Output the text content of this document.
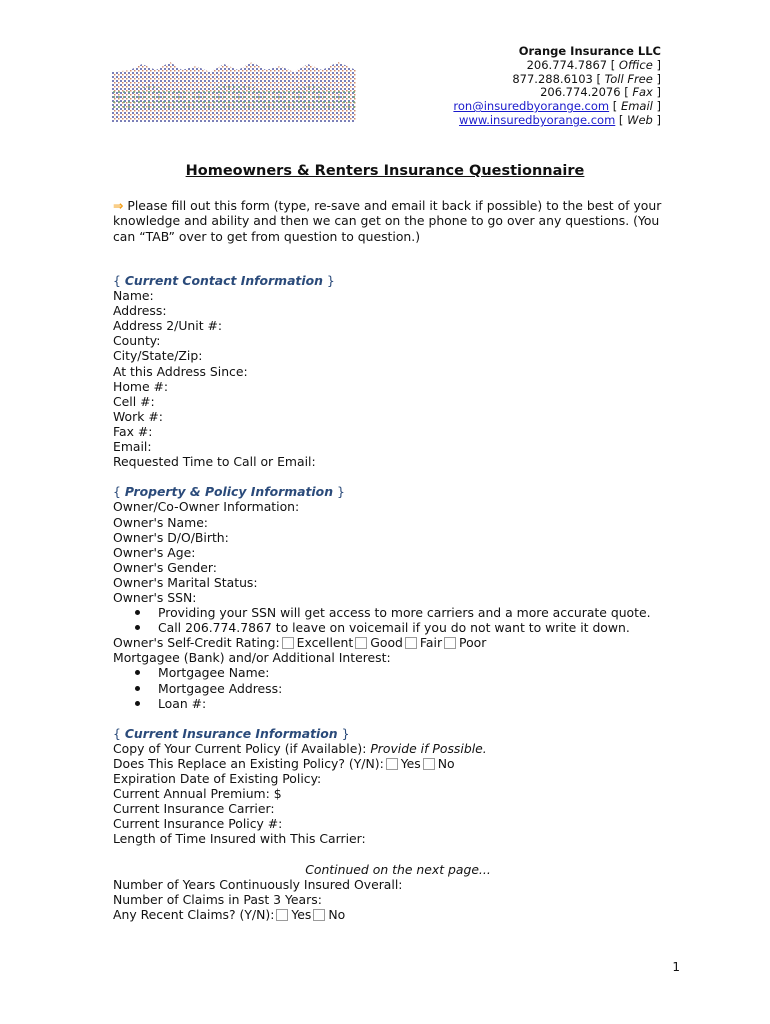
Orange Insurance LLC
206.774.7867 [ Office ]
877.288.6103 [ Toll Free ]
206.774.2076 [ Fax ]
ron@insuredbyorange.com [ Email ]
www.insuredbyorange.com [ Web ]
Homeowners & Renters Insurance Questionnaire
⇒ Please fill out this form (type, re-save and email it back if possible) to the best of your knowledge and ability and then we can get on the phone to go over any questions. (You can “TAB” over to get from question to question.)
{ Current Contact Information }
Name:
Address:
Address 2/Unit #:
County:
City/State/Zip:
At this Address Since:
Home #:
Cell #:
Work #:
Fax #:
Email:
Requested Time to Call or Email:
{ Property & Policy Information }
Owner/Co-Owner Information:
Owner's Name:
Owner's D/O/Birth:
Owner's Age:
Owner's Gender:
Owner's Marital Status:
Owner's SSN:
Providing your SSN will get access to more carriers and a more accurate quote.
Call 206.774.7867 to leave on voicemail if you do not want to write it down.
Owner's Self-Credit Rating: Excellent Good Fair Poor
Mortgagee (Bank) and/or Additional Interest:
Mortgagee Name:
Mortgagee Address:
Loan #:
{ Current Insurance Information }
Copy of Your Current Policy (if Available): Provide if Possible.
Does This Replace an Existing Policy? (Y/N): Yes No
Expiration Date of Existing Policy:
Current Annual Premium: $
Current Insurance Carrier:
Current Insurance Policy #:
Length of Time Insured with This Carrier:
Continued on the next page...
Number of Years Continuously Insured Overall:
Number of Claims in Past 3 Years:
Any Recent Claims? (Y/N): Yes No
1
